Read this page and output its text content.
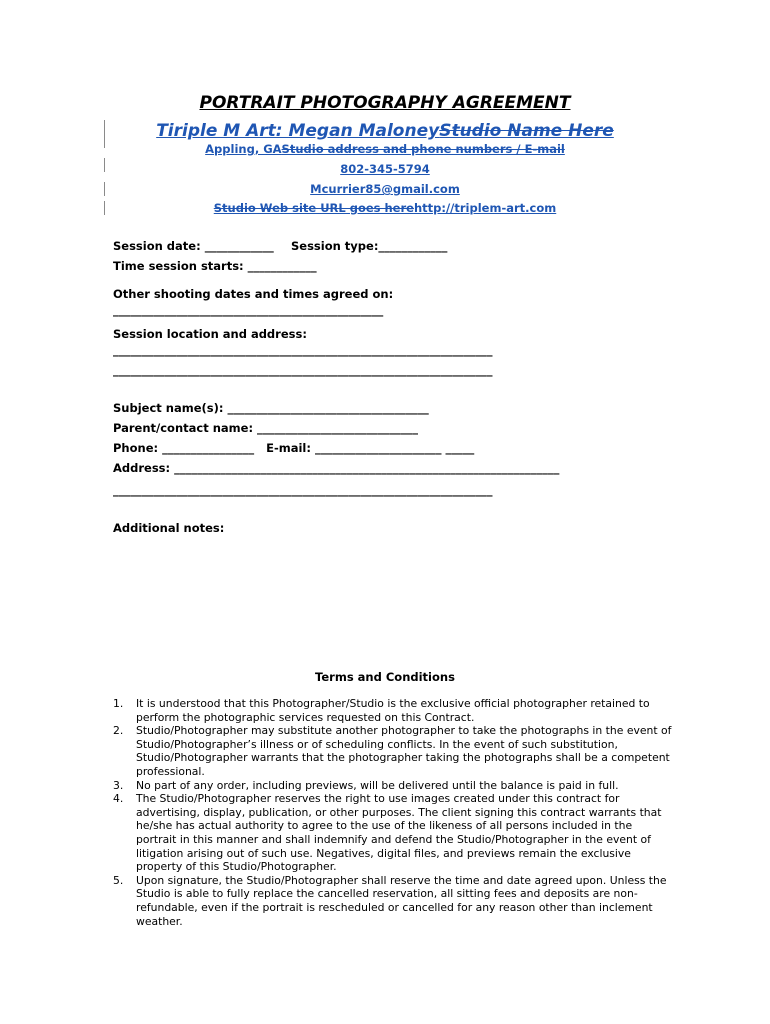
PORTRAIT PHOTOGRAPHY AGREEMENT
Tiriple M Art: Megan MaloneyStudio Name Here
Appling, GAStudio address and phone numbers / E-mail
802-345-5794
Mcurrier85@gmail.com
Studio Web site URL goes herehttp://triplem-art.com
Session date: ____________ Session type:____________
Time session starts: ____________
Other shooting dates and times agreed on:
_______________________________________________
Session location and address:
__________________________________________________________________
__________________________________________________________________
Subject name(s): ___________________________________
Parent/contact name: ____________________________
Phone: ________________   E-mail: ______________________ _____
Address: ___________________________________________________________________
__________________________________________________________________
Additional notes:
Terms and Conditions
1. It is understood that this Photographer/Studio is the exclusive official photographer retained to perform the photographic services requested on this Contract.
2. Studio/Photographer may substitute another photographer to take the photographs in the event of Studio/Photographer’s illness or of scheduling conflicts. In the event of such substitution, Studio/Photographer warrants that the photographer taking the photographs shall be a competent professional.
3. No part of any order, including previews, will be delivered until the balance is paid in full.
4. The Studio/Photographer reserves the right to use images created under this contract for advertising, display, publication, or other purposes. The client signing this contract warrants that he/she has actual authority to agree to the use of the likeness of all persons included in the portrait in this manner and shall indemnify and defend the Studio/Photographer in the event of litigation arising out of such use. Negatives, digital files, and previews remain the exclusive property of this Studio/Photographer.
5. Upon signature, the Studio/Photographer shall reserve the time and date agreed upon. Unless the Studio is able to fully replace the cancelled reservation, all sitting fees and deposits are non-refundable, even if the portrait is rescheduled or cancelled for any reason other than inclement weather.
